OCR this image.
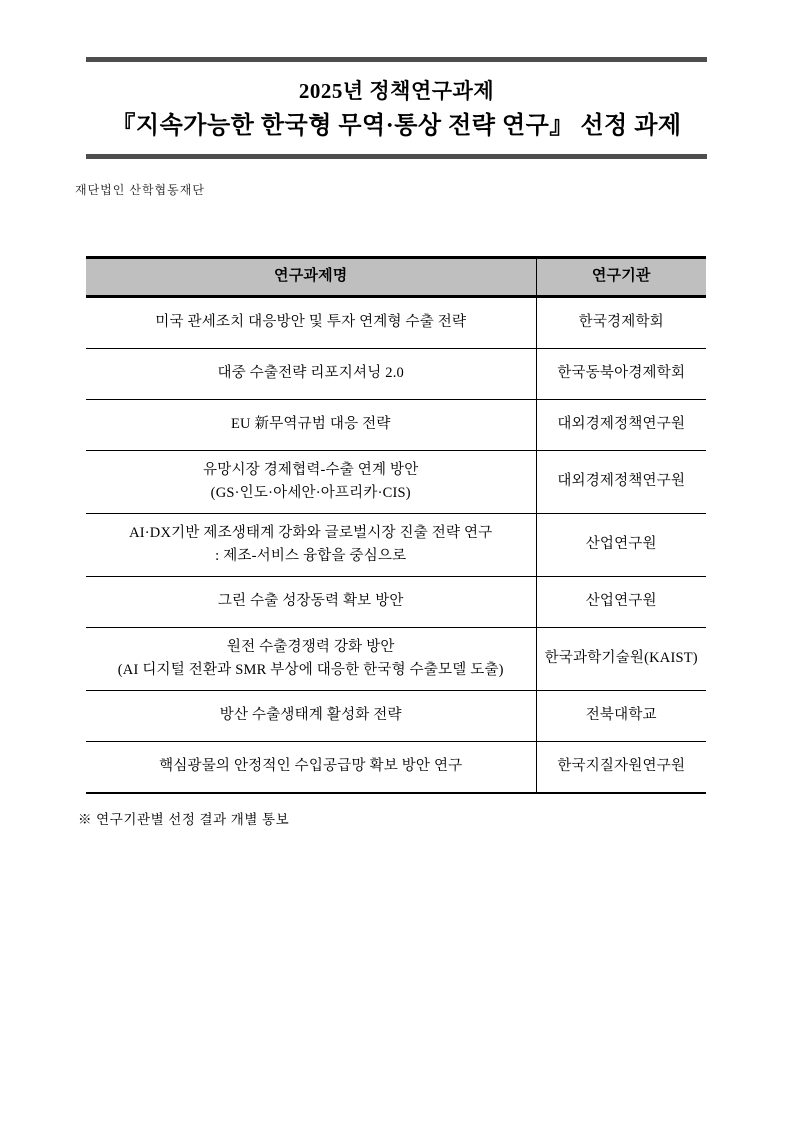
2025년 정책연구과제
『지속가능한 한국형 무역·통상 전략 연구』 선정 과제
재단법인 산학협동재단
연구과제명	연구기관

미국 관세조치 대응방안 및 투자 연계형 수출 전략	한국경제학회

대중 수출전략 리포지셔닝 2.0	한국동북아경제학회

EU 新무역규범 대응 전략	대외경제정책연구원

유망시장 경제협력-수출 연계 방안
(GS·인도·아세안·아프리카·CIS)	대외경제정책연구원

AI·DX기반 제조생태계 강화와 글로벌시장 진출 전략 연구
: 제조-서비스 융합을 중심으로	산업연구원

그린 수출 성장동력 확보 방안	산업연구원

원전 수출경쟁력 강화 방안
(AI 디지털 전환과 SMR 부상에 대응한 한국형 수출모델 도출)	한국과학기술원(KAIST)

방산 수출생태계 활성화 전략	전북대학교

핵심광물의 안정적인 수입공급망 확보 방안 연구	한국지질자원연구원
※ 연구기관별 선정 결과 개별 통보
